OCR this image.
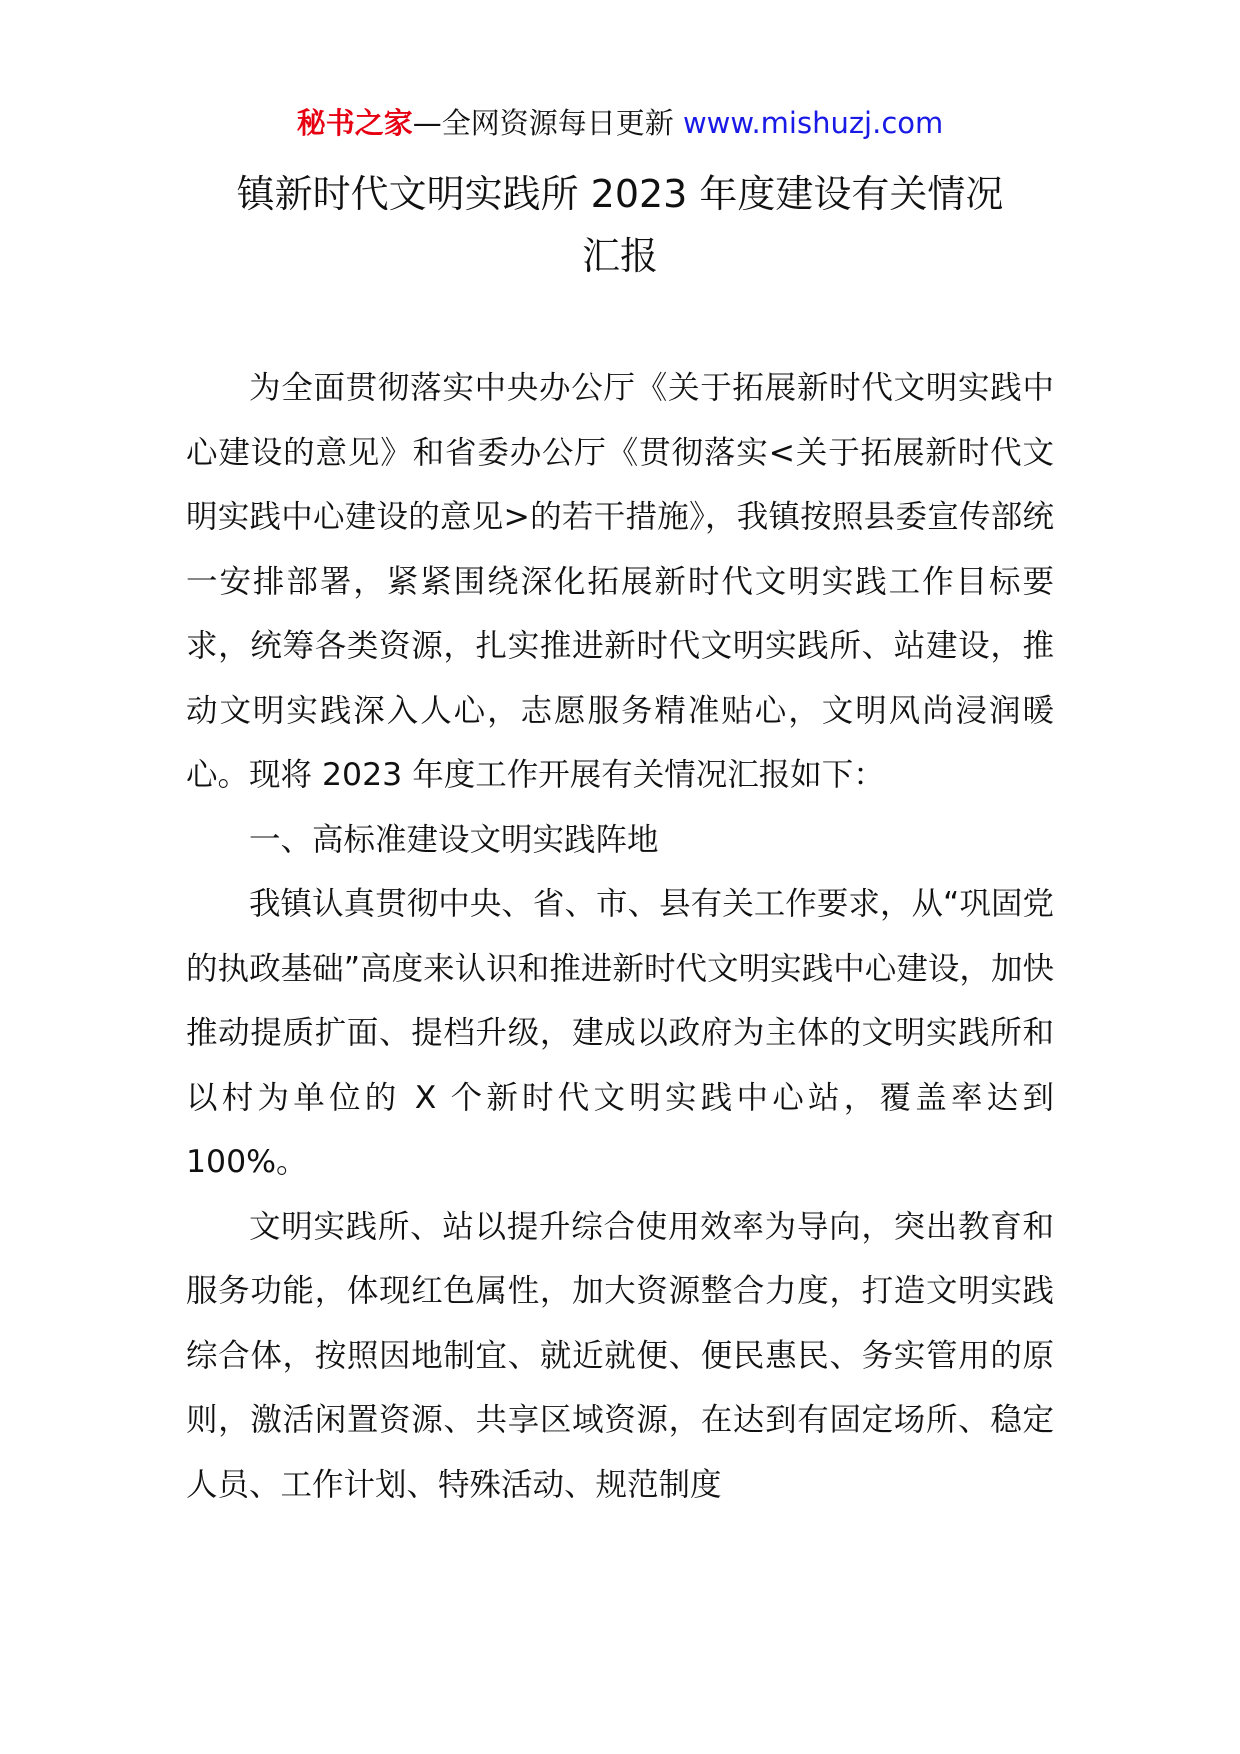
秘书之家—全网资源每日更新 www.mishuzj.com
镇新时代文明实践所 2023 年度建设有关情况
汇报

为全面贯彻落实中央办公厅《关于拓展新时代文明实践中心建设的意见》和省委办公厅《贯彻落实<关于拓展新时代文明实践中心建设的意见>的若干措施》，我镇按照县委宣传部统一安排部署，紧紧围绕深化拓展新时代文明实践工作目标要求，统筹各类资源，扎实推进新时代文明实践所、站建设，推动文明实践深入人心，志愿服务精准贴心，文明风尚浸润暖心。现将 2023 年度工作开展有关情况汇报如下：

一、高标准建设文明实践阵地

我镇认真贯彻中央、省、市、县有关工作要求，从“巩固党的执政基础”高度来认识和推进新时代文明实践中心建设，加快推动提质扩面、提档升级，建成以政府为主体的文明实践所和以村为单位的 X 个新时代文明实践中心站，覆盖率达到 100%。

文明实践所、站以提升综合使用效率为导向，突出教育和服务功能，体现红色属性，加大资源整合力度，打造文明实践综合体，按照因地制宜、就近就便、便民惠民、务实管用的原则，激活闲置资源、共享区域资源，在达到有固定场所、稳定人员、工作计划、特殊活动、规范制度
